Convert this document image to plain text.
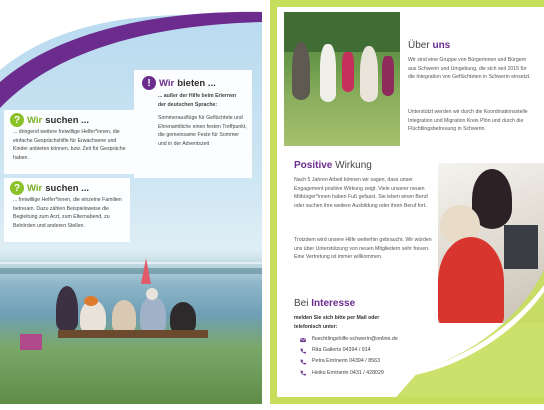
! Wir bieten ...
... außer der Hilfe beim Erlernen der deutschen Sprache:
Sommerausflüge für Geflüchtete und Ehrenamtliche einen festen Treffpunkt, die gemeinsame Feste für Sommer und in der Adventszeit
? Wir suchen ...
... dringend weitere freiwillige Helfer*innen, die einfache Gesprächshilfe für Erwachsene und Kinder anbieten können, bzw. Zeit für Gespräche haben.
? Wir suchen ...
... freiwillige Helfer*innen, die einzelne Familien betreuen. Dazu zählen Beispielsweise die Begleitung zum Arzt, zum Elternabend, zu Behörden und anderen Stellen.
Über uns
Wir sind eine Gruppe von Bürgerinnen und Bürgern aus Schwerin und Umgebung, die sich seit 2015 für die Integration von Geflüchteten in Schwerin einsetzt.
Unterstützt werden wir durch die Koordinationsstelle Integration und Migration Kreis Plön und durch die Flüchtlingsbetreuung in Schwerin.
Positive Wirkung
Nach 5 Jahren Arbeit können wir sagen, dass unser Engagement positive Wirkung zeigt. Viele unserer neuen Mitbürger*innen haben Fuß gefasst. Sie leben einen Beruf oder suchen ihre weitere Ausbildung oder ihren Beruf fort.
Trotzdem wird unsere Hilfe weiterhin gebraucht. Wir würden uns über Unterstützung von neuen Mitgliedern sehr freuen. Eine Vertretung ist immer willkommen.
Bei Interesse
melden Sie sich bitte per Mail oder telefonisch unter:
fluechtlingshilfe-schwerin@online.de
Rita Gallerts 04394 / 914
Petra Erntnerin 04394 / 8563
Heiko Erntnerin 0431 / 428029
